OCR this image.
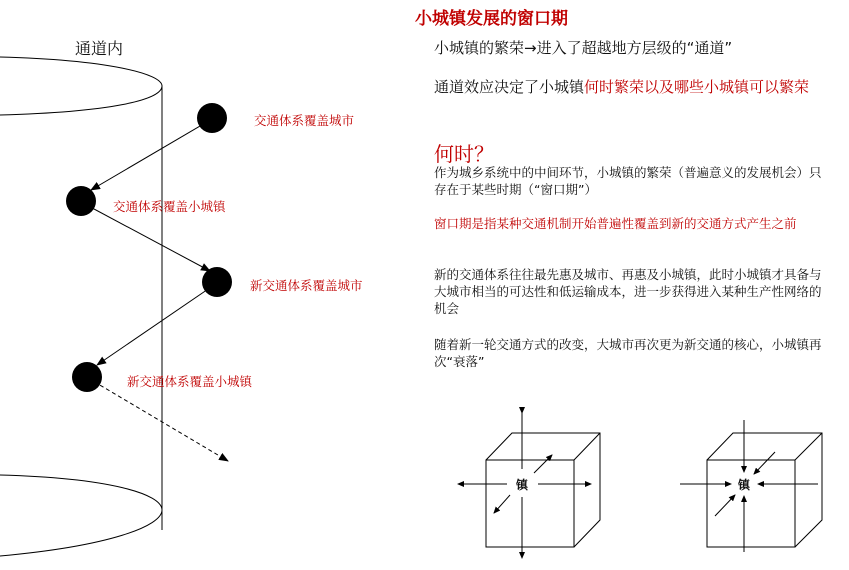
镇	镇
小城镇发展的窗口期
通道内
交通体系覆盖城市
交通体系覆盖小城镇
新交通体系覆盖城市
新交通体系覆盖小城镇
小城镇的繁荣→进入了超越地方层级的“通道”
通道效应决定了小城镇何时繁荣以及哪些小城镇可以繁荣
何时？
作为城乡系统中的中间环节，小城镇的繁荣（普遍意义的发展机会）只存在于某些时期（“窗口期”）
窗口期是指某种交通机制开始普遍性覆盖到新的交通方式产生之前
新的交通体系往往最先惠及城市、再惠及小城镇，此时小城镇才具备与大城市相当的可达性和低运输成本，进一步获得进入某种生产性网络的机会
随着新一轮交通方式的改变，大城市再次更为新交通的核心，小城镇再次“衰落”
